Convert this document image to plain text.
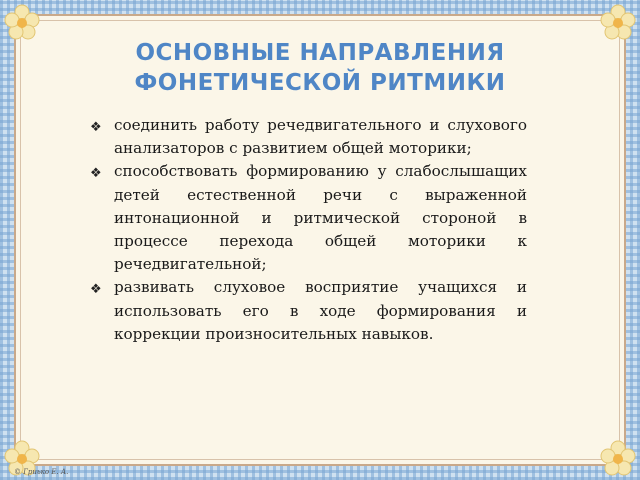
ОСНОВНЫЕ НАПРАВЛЕНИЯ
ФОНЕТИЧЕСКОЙ РИТМИКИ
❖ соединить работу речедвигательного и слухового анализаторов с развитием общей моторики;
❖ способствовать формированию у слабослышащих детей естественной речи с выраженной интонационной и ритмической стороной в процессе перехода общей моторики к речедвигательной;
❖ развивать слуховое восприятие учащихся и использовать его в ходе формирования и коррекции произносительных навыков.
© Гриько Е. А.
